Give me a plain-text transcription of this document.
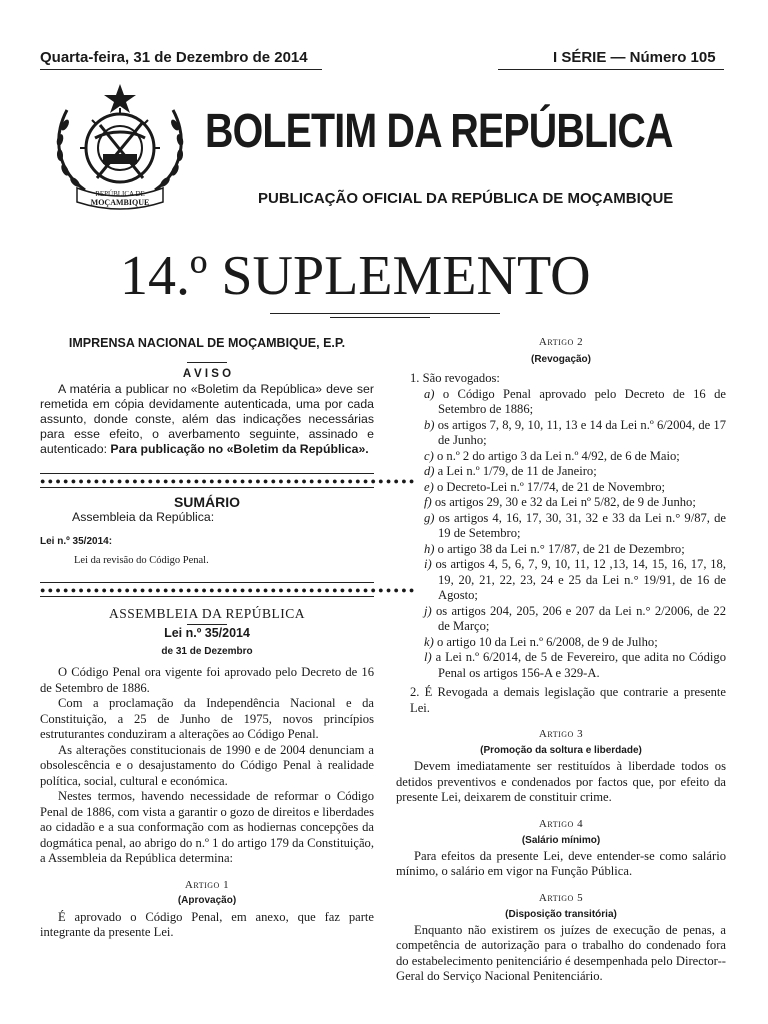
Quarta-feira, 31 de Dezembro de 2014	I SÉRIE — Número 105
REPÚBLICA DE
MOÇAMBIQUE
BOLETIM DA REPÚBLICA
PUBLICAÇÃO OFICIAL DA REPÚBLICA DE MOÇAMBIQUE
14.º SUPLEMENTO
IMPRENSA NACIONAL DE MOÇAMBIQUE, E.P.
A V I S O
A matéria a publicar no «Boletim da República» deve ser remetida em cópia devidamente autenticada, uma por cada assunto, donde conste, além das indicações necessárias para esse efeito, o averbamento seguinte, assinado e autenticado: Para publicação no «Boletim da República».
● ● ● ● ● ● ● ● ● ● ● ● ● ● ● ● ● ● ● ● ● ● ● ● ● ● ● ● ● ● ● ● ● ● ● ● ● ● ● ● ● ● ● ● ● ● ● ● ●
SUMÁRIO
Assembleia da República:
Lei n.º 35/2014:
Lei da revisão do Código Penal.
● ● ● ● ● ● ● ● ● ● ● ● ● ● ● ● ● ● ● ● ● ● ● ● ● ● ● ● ● ● ● ● ● ● ● ● ● ● ● ● ● ● ● ● ● ● ● ● ●
ASSEMBLEIA DA REPÚBLICA
Lei n.º 35/2014
de 31 de Dezembro
O Código Penal ora vigente foi aprovado pelo Decreto de 16 de Setembro de 1886.
Com a proclamação da Independência Nacional e da Constituição, a 25 de Junho de 1975, novos princípios estruturantes conduziram a alterações ao Código Penal.
As alterações constitucionais de 1990 e de 2004 denunciam a obsolescência e o desajustamento do Código Penal à realidade política, social, cultural e económica.
Nestes termos, havendo necessidade de reformar o Código Penal de 1886, com vista a garantir o gozo de direitos e liberdades ao cidadão e a sua conformação com as hodiernas concepções da dogmática penal, ao abrigo do n.º 1 do artigo 179 da Constituição, a Assembleia da República determina:
Artigo 1
(Aprovação)
É aprovado o Código Penal, em anexo, que faz parte integrante da presente Lei.
Artigo 2
(Revogação)
1. São revogados:
a) o Código Penal aprovado pelo Decreto de 16 de Setembro de 1886;
b) os artigos 7, 8, 9, 10, 11, 13 e 14 da Lei n.º 6/2004, de 17 de Junho;
c) o n.º 2 do artigo 3 da Lei n.º 4/92, de 6 de Maio;
d) a Lei n.º 1/79, de 11 de Janeiro;
e) o Decreto-Lei n.º 17/74, de 21 de Novembro;
f) os artigos 29, 30 e 32 da Lei nº 5/82, de 9 de Junho;
g) os artigos 4, 16, 17, 30, 31, 32 e 33 da Lei n.° 9/87, de 19 de Setembro;
h) o artigo 38 da Lei n.° 17/87, de 21 de Dezembro;
i) os artigos 4, 5, 6, 7, 9, 10, 11, 12 ,13, 14, 15, 16, 17, 18, 19, 20, 21, 22, 23, 24 e 25 da Lei n.° 19/91, de 16 de Agosto;
j) os artigos 204, 205, 206 e 207 da Lei n.° 2/2006, de 22 de Março;
k) o artigo 10 da Lei n.º 6/2008, de 9 de Julho;
l) a Lei n.º 6/2014, de 5 de Fevereiro, que adita no Código Penal os artigos 156-A e 329-A.
2. É Revogada a demais legislação que contrarie a presente Lei.
Artigo 3
(Promoção da soltura e liberdade)
Devem imediatamente ser restituídos à liberdade todos os detidos preventivos e condenados por factos que, por efeito da presente Lei, deixarem de constituir crime.
Artigo 4
(Salário mínimo)
Para efeitos da presente Lei, deve entender-se como salário mínimo, o salário em vigor na Função Pública.
Artigo 5
(Disposição transitória)
Enquanto não existirem os juízes de execução de penas, a competência de autorização para o trabalho do condenado fora do estabelecimento penitenciário é desempenhada pelo Director--Geral do Serviço Nacional Penitenciário.
